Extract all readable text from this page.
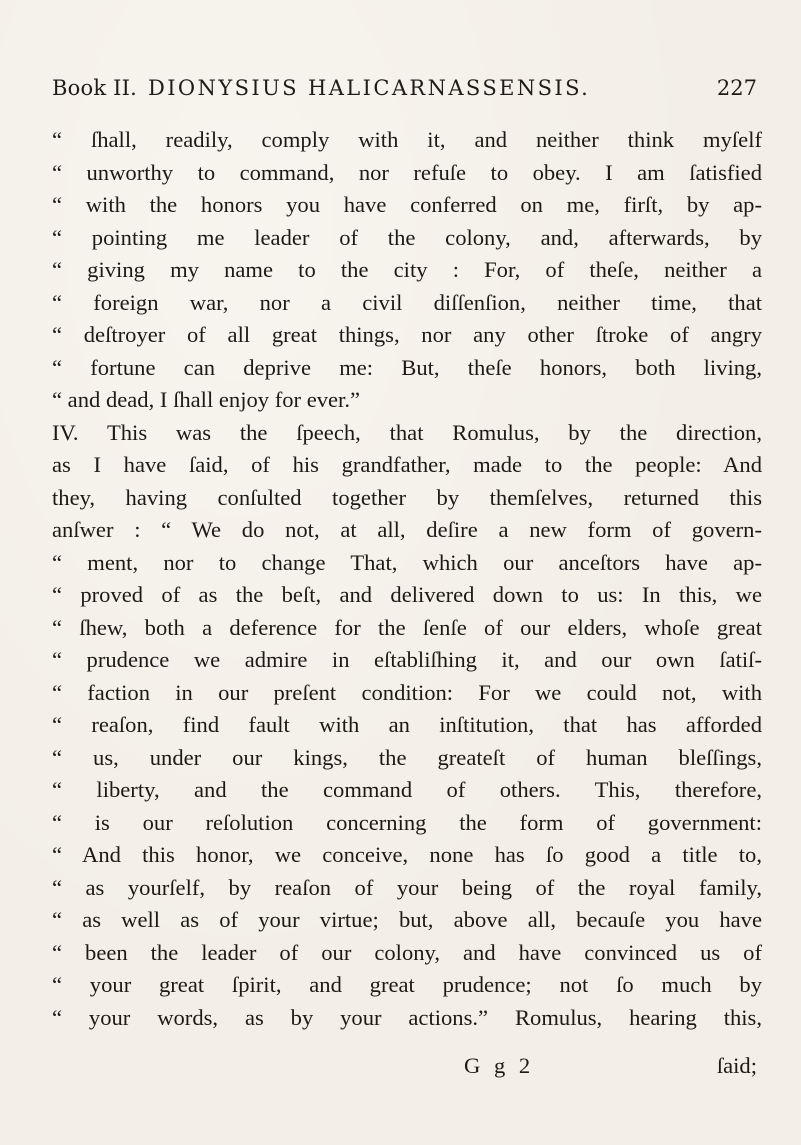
Book II. DIONYSIUS HALICARNASSENSIS.	227
“ ſhall, readily, comply with it, and neither think myſelf
“ unworthy to command, nor refuſe to obey. I am ſatisfied
“ with the honors you have conferred on me, firſt, by ap-
“ pointing me leader of the colony, and, afterwards, by
“ giving my name to the city : For, of theſe, neither a
“ foreign war, nor a civil diſſenſion, neither time, that
“ deſtroyer of all great things, nor any other ſtroke of angry
“ fortune can deprive me: But, theſe honors, both living,
“ and dead, I ſhall enjoy for ever.”
IV. This was the ſpeech, that Romulus, by the direction,
as I have ſaid, of his grandfather, made to the people: And
they, having conſulted together by themſelves, returned this
anſwer : “ We do not, at all, deſire a new form of govern-
“ ment, nor to change That, which our anceſtors have ap-
“ proved of as the beſt, and delivered down to us: In this, we
“ ſhew, both a deference for the ſenſe of our elders, whoſe great
“ prudence we admire in eſtabliſhing it, and our own ſatiſ-
“ faction in our preſent condition: For we could not, with
“ reaſon, find fault with an inſtitution, that has afforded
“ us, under our kings, the greateſt of human bleſſings,
“ liberty, and the command of others. This, therefore,
“ is our reſolution concerning the form of government:
“ And this honor, we conceive, none has ſo good a title to,
“ as yourſelf, by reaſon of your being of the royal family,
“ as well as of your virtue; but, above all, becauſe you have
“ been the leader of our colony, and have convinced us of
“ your great ſpirit, and great prudence; not ſo much by
“ your words, as by your actions.” Romulus, hearing this,
G g 2	ſaid;
